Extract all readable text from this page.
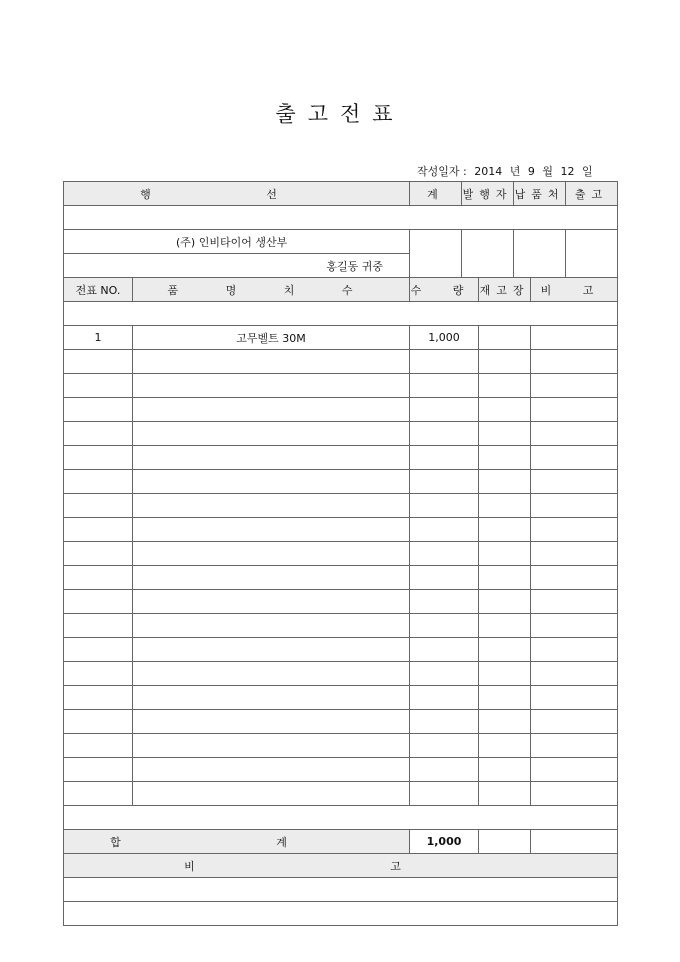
출고전표
작성일자 : 2014 년 9 월 12 일
행 선		계	발행자		납품처		출고

(주) 인비타이어 생산부							
홍길동 귀중							
전표 NO.	품 명 치 수	수 량		재고장		비 고	

1	고무벨트 30M	1,000					

합 계		1,000					
비 고							
